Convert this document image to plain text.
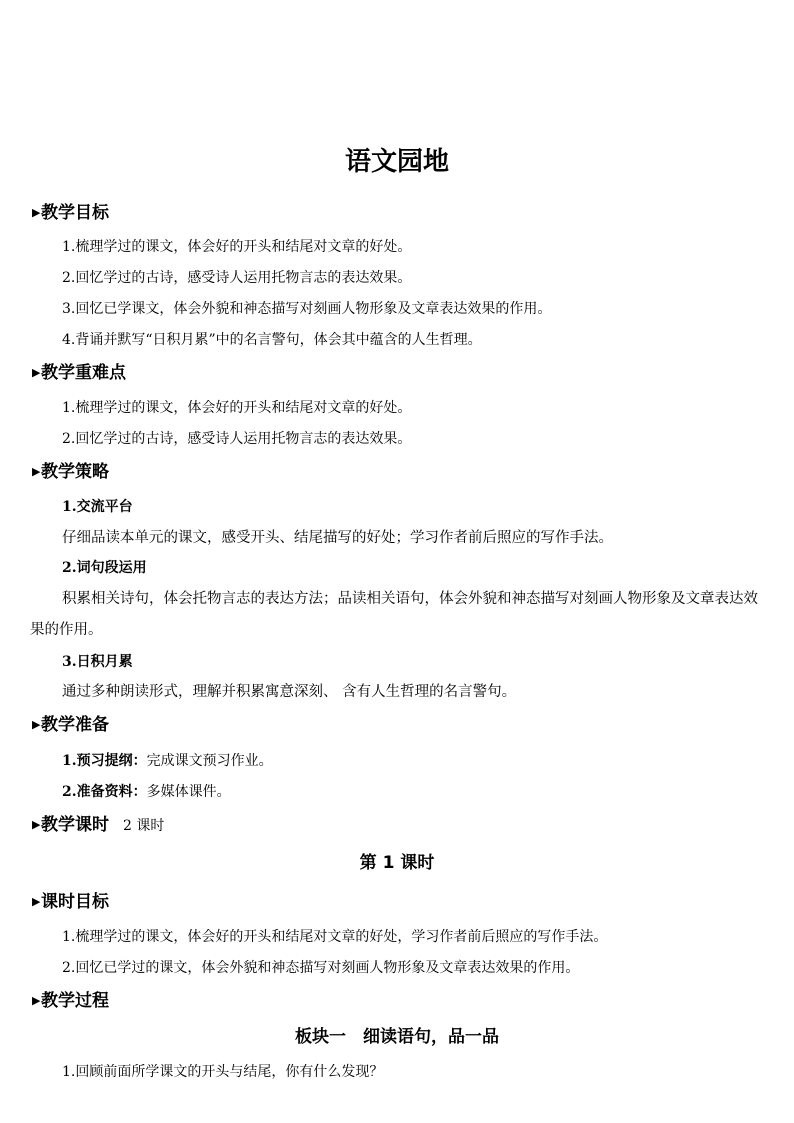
语文园地
▶教学目标
1.梳理学过的课文，体会好的开头和结尾对文章的好处。
2.回忆学过的古诗，感受诗人运用托物言志的表达效果。
3.回忆已学课文，体会外貌和神态描写对刻画人物形象及文章表达效果的作用。
4.背诵并默写“日积月累”中的名言警句，体会其中蕴含的人生哲理。
▶教学重难点
1.梳理学过的课文，体会好的开头和结尾对文章的好处。
2.回忆学过的古诗，感受诗人运用托物言志的表达效果。
▶教学策略
1.交流平台
仔细品读本单元的课文，感受开头、结尾描写的好处；学习作者前后照应的写作手法。
2.词句段运用
积累相关诗句，体会托物言志的表达方法；品读相关语句，体会外貌和神态描写对刻画人物形象及文章表达效果的作用。
3.日积月累
通过多种朗读形式，理解并积累寓意深刻、 含有人生哲理的名言警句。
▶教学准备
1.预习提纲：完成课文预习作业。
2.准备资料：多媒体课件。
▶教学课时 2 课时
第 1 课时
▶课时目标
1.梳理学过的课文，体会好的开头和结尾对文章的好处，学习作者前后照应的写作手法。
2.回忆已学过的课文，体会外貌和神态描写对刻画人物形象及文章表达效果的作用。
▶教学过程
板块一　细读语句，品一品
1.回顾前面所学课文的开头与结尾，你有什么发现？
